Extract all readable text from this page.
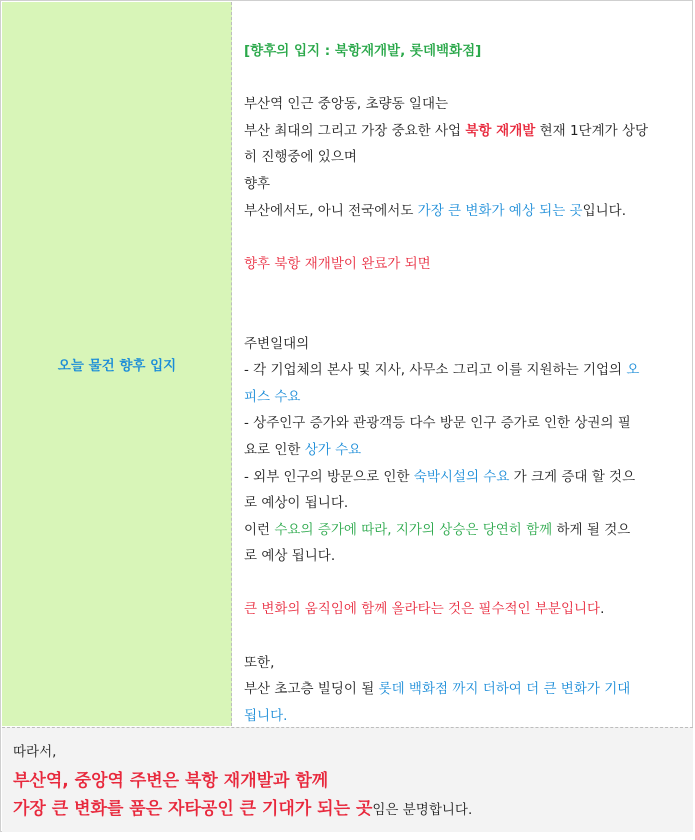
오늘 물건 향후 입지

[향후의 입지 : 북항재개발, 롯데백화점]

부산역 인근 중앙동, 초량동 일대는

부산 최대의 그리고 가장 중요한 사업 북항 재개발 현재 1단계가 상당

히 진행중에 있으며

향후

부산에서도, 아니 전국에서도 가장 큰 변화가 예상 되는 곳입니다.

향후 북항 재개발이 완료가 되면

주변일대의

- 각 기업체의 본사 및 지사, 사무소 그리고 이를 지원하는 기업의 오

피스 수요

- 상주인구 증가와 관광객등 다수 방문 인구 증가로 인한 상권의 필

요로 인한 상가 수요

- 외부 인구의 방문으로 인한 숙박시설의 수요 가 크게 증대 할 것으

로 예상이 됩니다.

이런 수요의 증가에 따라, 지가의 상승은 당연히 함께 하게 될 것으

로 예상 됩니다.

큰 변화의 움직임에 함께 올라타는 것은 필수적인 부분입니다.

또한,

부산 초고층 빌딩이 될 롯데 백화점 까지 더하여 더 큰 변화가 기대

됩니다.

따라서,
부산역, 중앙역 주변은 북항 재개발과 함께
가장 큰 변화를 품은 자타공인 큰 기대가 되는 곳임은 분명합니다.
